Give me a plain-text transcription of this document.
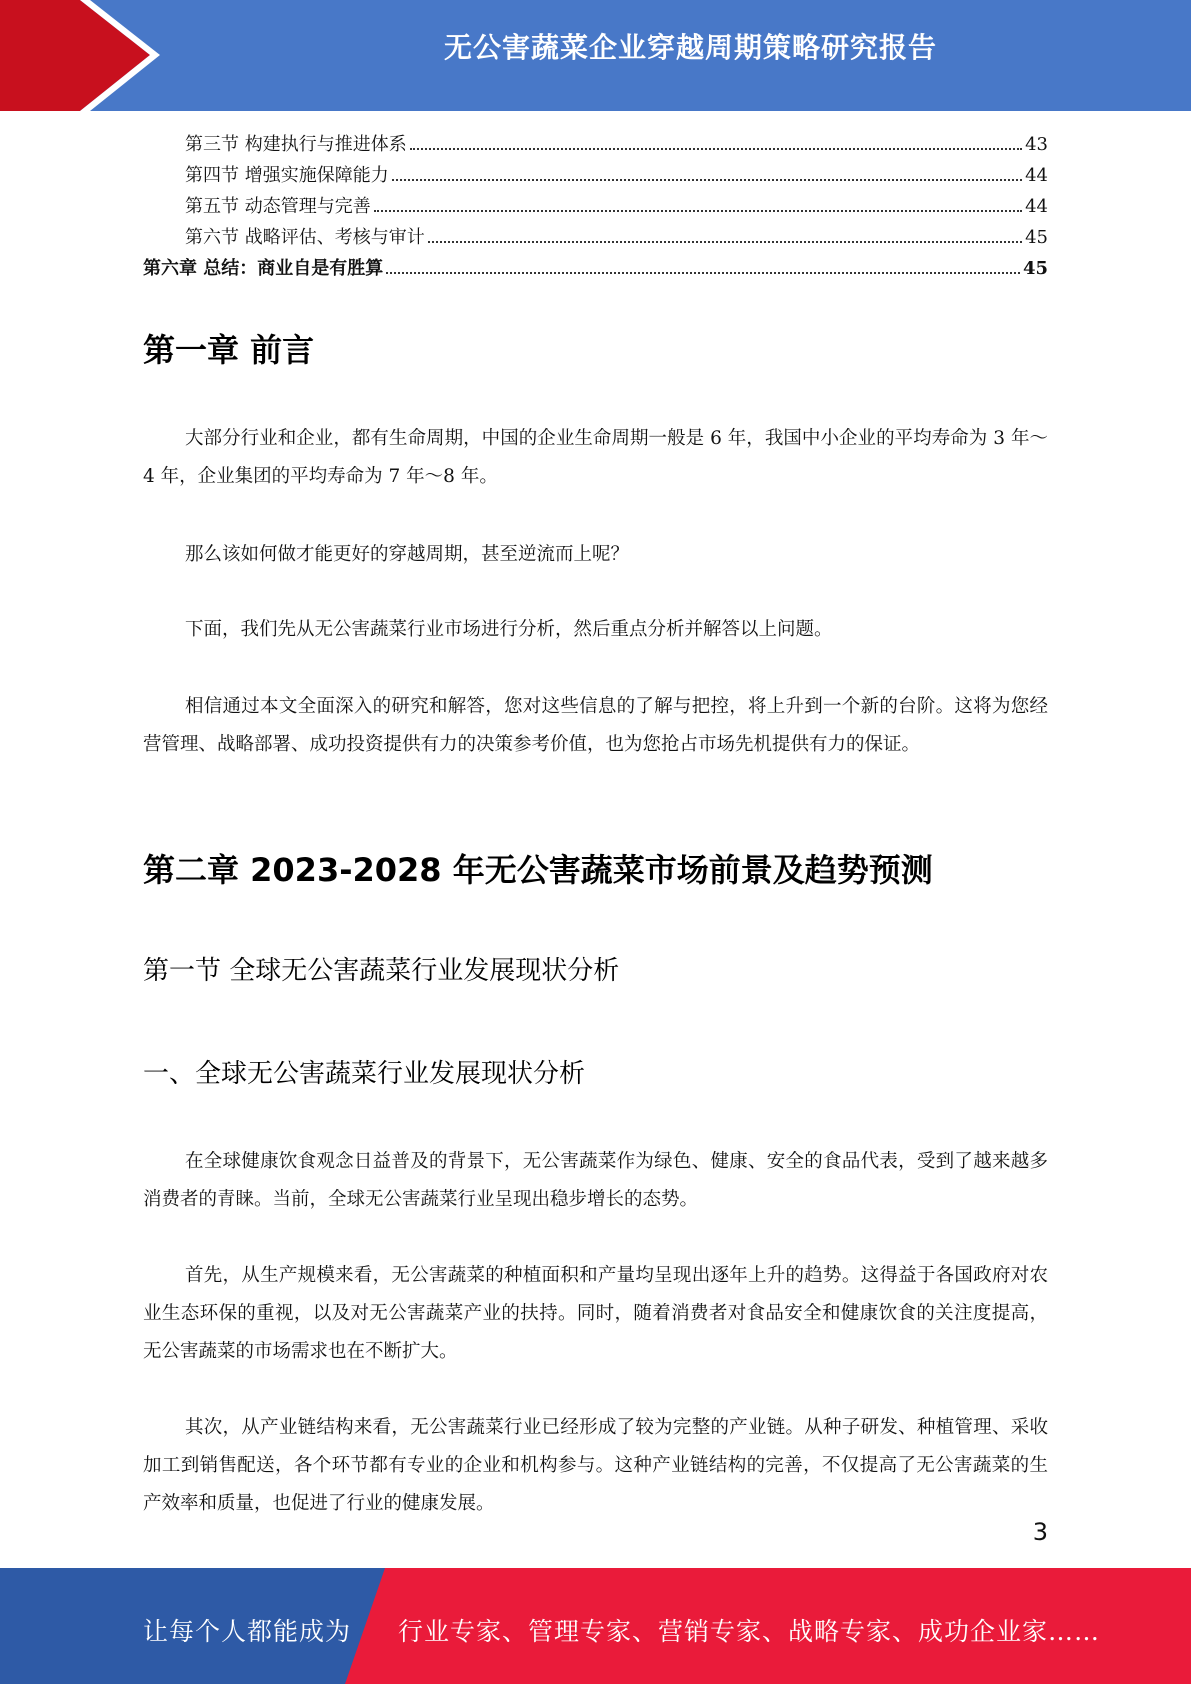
无公害蔬菜企业穿越周期策略研究报告
第三节 构建执行与推进体系	43
第四节 增强实施保障能力	44
第五节 动态管理与完善	44
第六节 战略评估、考核与审计	45
第六章 总结：商业自是有胜算	45
第一章 前言
大部分行业和企业，都有生命周期，中国的企业生命周期一般是 6 年，我国中小企业的平均寿命为 3 年～4 年，企业集团的平均寿命为 7 年～8 年。
那么该如何做才能更好的穿越周期，甚至逆流而上呢？
下面，我们先从无公害蔬菜行业市场进行分析，然后重点分析并解答以上问题。
相信通过本文全面深入的研究和解答，您对这些信息的了解与把控，将上升到一个新的台阶。这将为您经营管理、战略部署、成功投资提供有力的决策参考价值，也为您抢占市场先机提供有力的保证。
第二章 2023-2028 年无公害蔬菜市场前景及趋势预测
第一节 全球无公害蔬菜行业发展现状分析
一、全球无公害蔬菜行业发展现状分析
在全球健康饮食观念日益普及的背景下，无公害蔬菜作为绿色、健康、安全的食品代表，受到了越来越多消费者的青睐。当前，全球无公害蔬菜行业呈现出稳步增长的态势。
首先，从生产规模来看，无公害蔬菜的种植面积和产量均呈现出逐年上升的趋势。这得益于各国政府对农业生态环保的重视，以及对无公害蔬菜产业的扶持。同时，随着消费者对食品安全和健康饮食的关注度提高，无公害蔬菜的市场需求也在不断扩大。
其次，从产业链结构来看，无公害蔬菜行业已经形成了较为完整的产业链。从种子研发、种植管理、采收加工到销售配送，各个环节都有专业的企业和机构参与。这种产业链结构的完善，不仅提高了无公害蔬菜的生产效率和质量，也促进了行业的健康发展。
3
让每个人都能成为 行业专家、管理专家、营销专家、战略专家、成功企业家……
